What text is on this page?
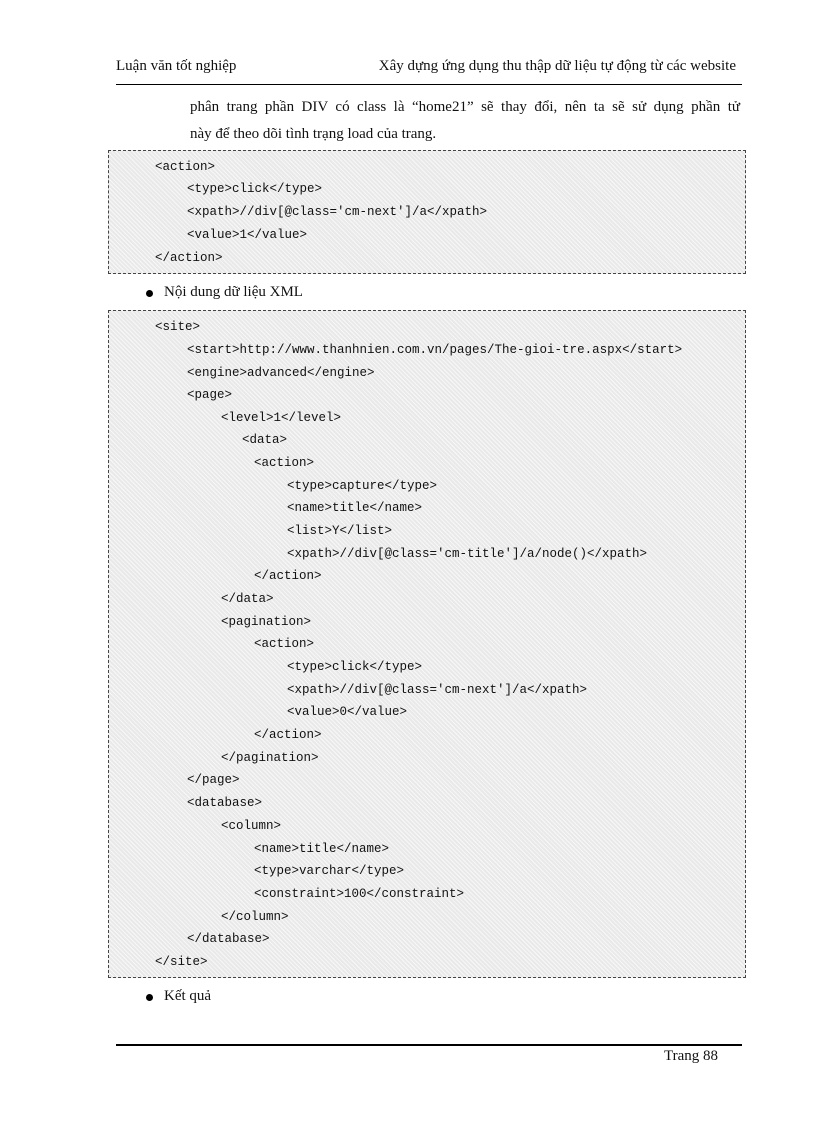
Luận văn tốt nghiệp	Xây dựng ứng dụng thu thập dữ liệu tự động từ các website

phân trang phần DIV có class là “home21” sẽ thay đổi, nên ta sẽ sử dụng phần tử

này để theo dõi tình trạng load của trang.

<action>
<type>click</type>
<xpath>//div[@class='cm-next']/a</xpath>
<value>1</value>
</action>
Nội dung dữ liệu XML
<site>
<start>http://www.thanhnien.com.vn/pages/The-gioi-tre.aspx</start>
<engine>advanced</engine>
<page>
<level>1</level>
<data>
<action>
<type>capture</type>
<name>title</name>
<list>Y</list>
<xpath>//div[@class='cm-title']/a/node()</xpath>
</action>
</data>
<pagination>
<action>
<type>click</type>
<xpath>//div[@class='cm-next']/a</xpath>
<value>0</value>
</action>
</pagination>
</page>
<database>
<column>
<name>title</name>
<type>varchar</type>
<constraint>100</constraint>
</column>
</database>
</site>
Kết quả
Trang 88
